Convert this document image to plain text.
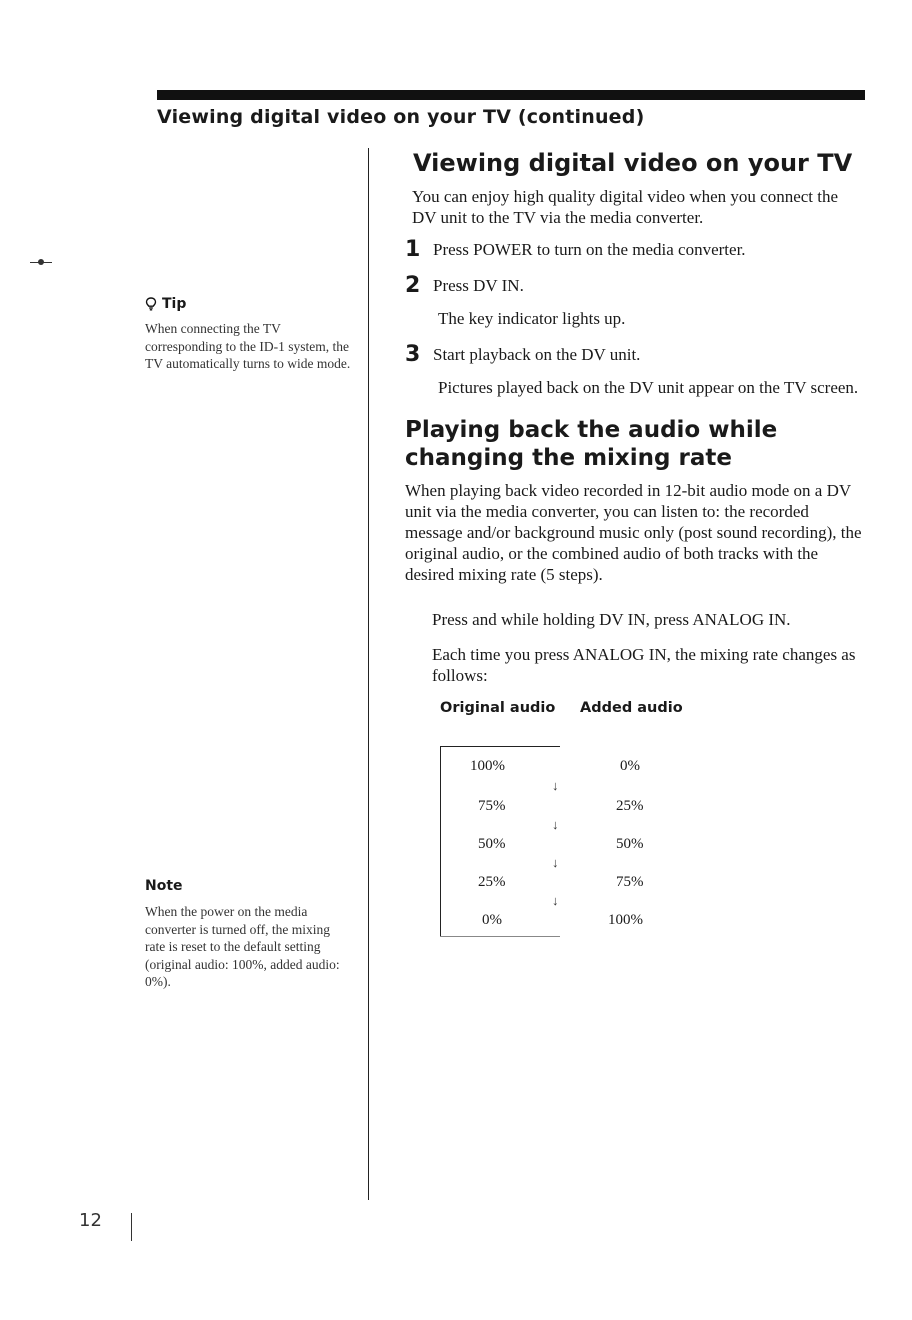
Viewing digital video on your TV (continued)
Tip
When connecting the TV corresponding to the ID-1 system, the TV automatically turns to wide mode.
Note
When the power on the media converter is turned off, the mixing rate is reset to the default setting (original audio: 100%, added audio: 0%).
Viewing digital video on your TV
You can enjoy high quality digital video when you connect the DV unit to the TV via the media converter.
1 Press POWER to turn on the media converter.
2 Press DV IN.
The key indicator lights up.
3 Start playback on the DV unit.
Pictures played back on the DV unit appear on the TV screen.
Playing back the audio while changing the mixing rate
When playing back video recorded in 12-bit audio mode on a DV unit via the media converter, you can listen to: the recorded message and/or background music only (post sound recording), the original audio, or the combined audio of both tracks with the desired mixing rate (5 steps).
Press and while holding DV IN, press ANALOG IN.
Each time you press ANALOG IN, the mixing rate changes as follows:
Original audio	Added audio
100%	0%
↓
75%	25%
↓
50%	50%
↓
25%	75%
↓
0%	100%
12
